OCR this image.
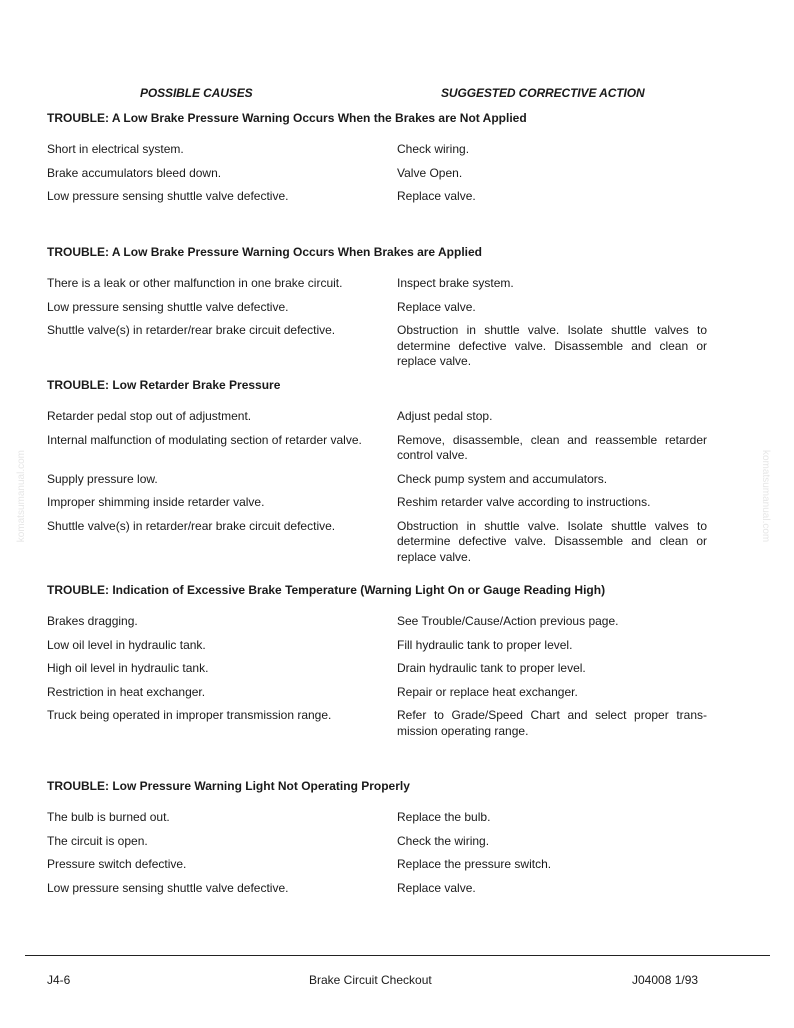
komatsumanual.com	komatsumanual.com
POSSIBLE CAUSES	SUGGESTED CORRECTIVE ACTION
TROUBLE: A Low Brake Pressure Warning Occurs When the Brakes are Not Applied
Short in electrical system.	Check wiring.
Brake accumulators bleed down.	Valve Open.
Low pressure sensing shuttle valve defective.	Replace valve.
TROUBLE: A Low Brake Pressure Warning Occurs When Brakes are Applied
There is a leak or other malfunction in one brake circuit.	Inspect brake system.
Low pressure sensing shuttle valve defective.	Replace valve.
Shuttle valve(s) in retarder/rear brake circuit defective.	Obstruction in shuttle valve. Isolate shuttle valves to determine defective valve. Disassemble and clean or replace valve.
TROUBLE: Low Retarder Brake Pressure
Retarder pedal stop out of adjustment.	Adjust pedal stop.
Internal malfunction of modulating section of retarder valve.	Remove, disassemble, clean and reassemble retarder control valve.
Supply pressure low.	Check pump system and accumulators.
Improper shimming inside retarder valve.	Reshim retarder valve according to instructions.
Shuttle valve(s) in retarder/rear brake circuit defective.	Obstruction in shuttle valve. Isolate shuttle valves to determine defective valve. Disassemble and clean or replace valve.
TROUBLE: Indication of Excessive Brake Temperature (Warning Light On or Gauge Reading High)
Brakes dragging.	See Trouble/Cause/Action previous page.
Low oil level in hydraulic tank.	Fill hydraulic tank to proper level.
High oil level in hydraulic tank.	Drain hydraulic tank to proper level.
Restriction in heat exchanger.	Repair or replace heat exchanger.
Truck being operated in improper transmission range.	Refer to Grade/Speed Chart and select proper trans-mission operating range.
TROUBLE: Low Pressure Warning Light Not Operating Properly
The bulb is burned out.	Replace the bulb.
The circuit is open.	Check the wiring.
Pressure switch defective.	Replace the pressure switch.
Low pressure sensing shuttle valve defective.	Replace valve.
J4-6	Brake Circuit Checkout	J04008 1/93
